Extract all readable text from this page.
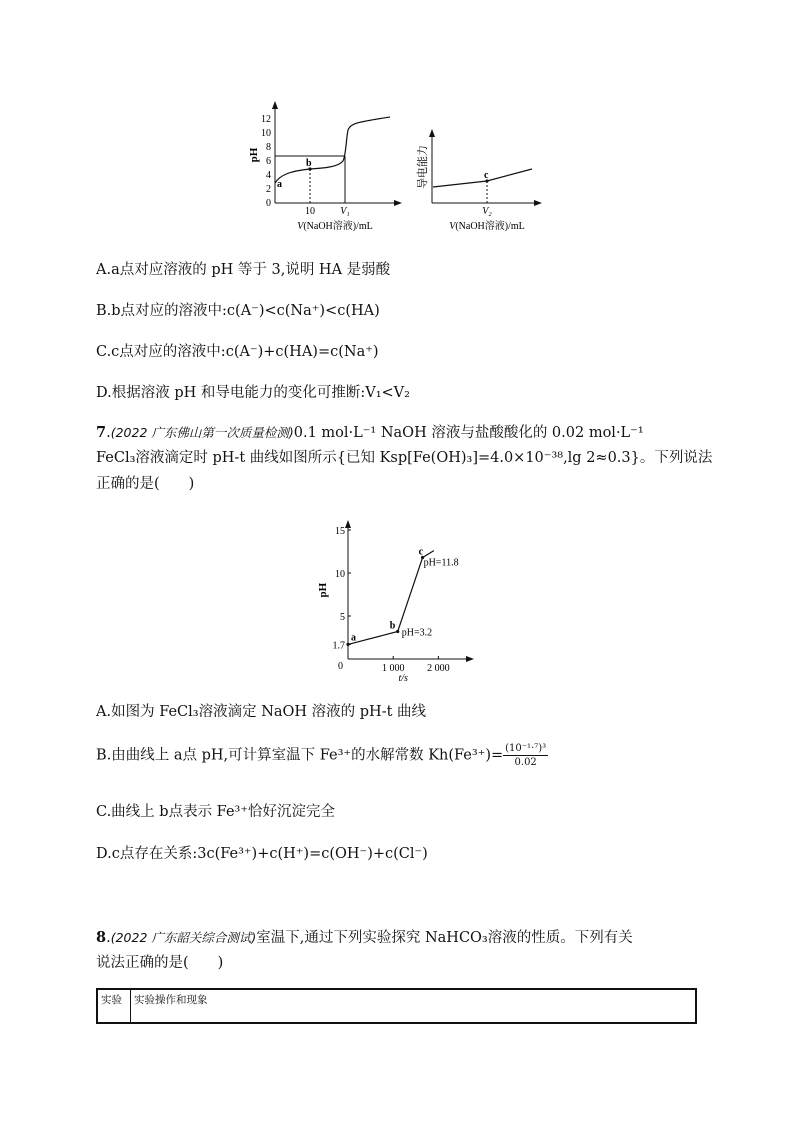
0
2
4
6
8
10
12
pH
a
b
10	V₁
V(NaOH溶液)/mL
导电能力	c
V₂
V(NaOH溶液)/mL
A.a点对应溶液的 pH 等于 3,说明 HA 是弱酸
B.b点对应的溶液中:c(A⁻)<c(Na⁺)<c(HA)
C.c点对应的溶液中:c(A⁻)+c(HA)=c(Na⁺)
D.根据溶液 pH 和导电能力的变化可推断:V₁<V₂
7.(2022 广东佛山第一次质量检测)0.1 mol·L⁻¹ NaOH 溶液与盐酸酸化的 0.02 mol·L⁻¹
FeCl₃溶液滴定时 pH-t 曲线如图所示{已知 Ksp[Fe(OH)₃]=4.0×10⁻³⁸,lg 2≈0.3}。下列说法
正确的是(　　)
1.7
5
10
15
1 000 2 000
0
t/s
pH
a
b
c
pH=3.2
pH=11.8
A.如图为 FeCl₃溶液滴定 NaOH 溶液的 pH-t 曲线
B.由曲线上 a点 pH,可计算室温下 Fe³⁺的水解常数 $Kh(Fe^{3+})= \frac{\text{(10⁻¹·⁷)³}}{0.02}$
C.曲线上 b点表示 Fe³⁺恰好沉淀完全
D.c点存在关系:3c(Fe³⁺)+c(H⁺)=c(OH⁻)+c(Cl⁻)
8.(2022 广东韶关综合测试)室温下,通过下列实验探究 NaHCO₃溶液的性质。下列有关
说法正确的是(　　)
实验	实验操作和现象
